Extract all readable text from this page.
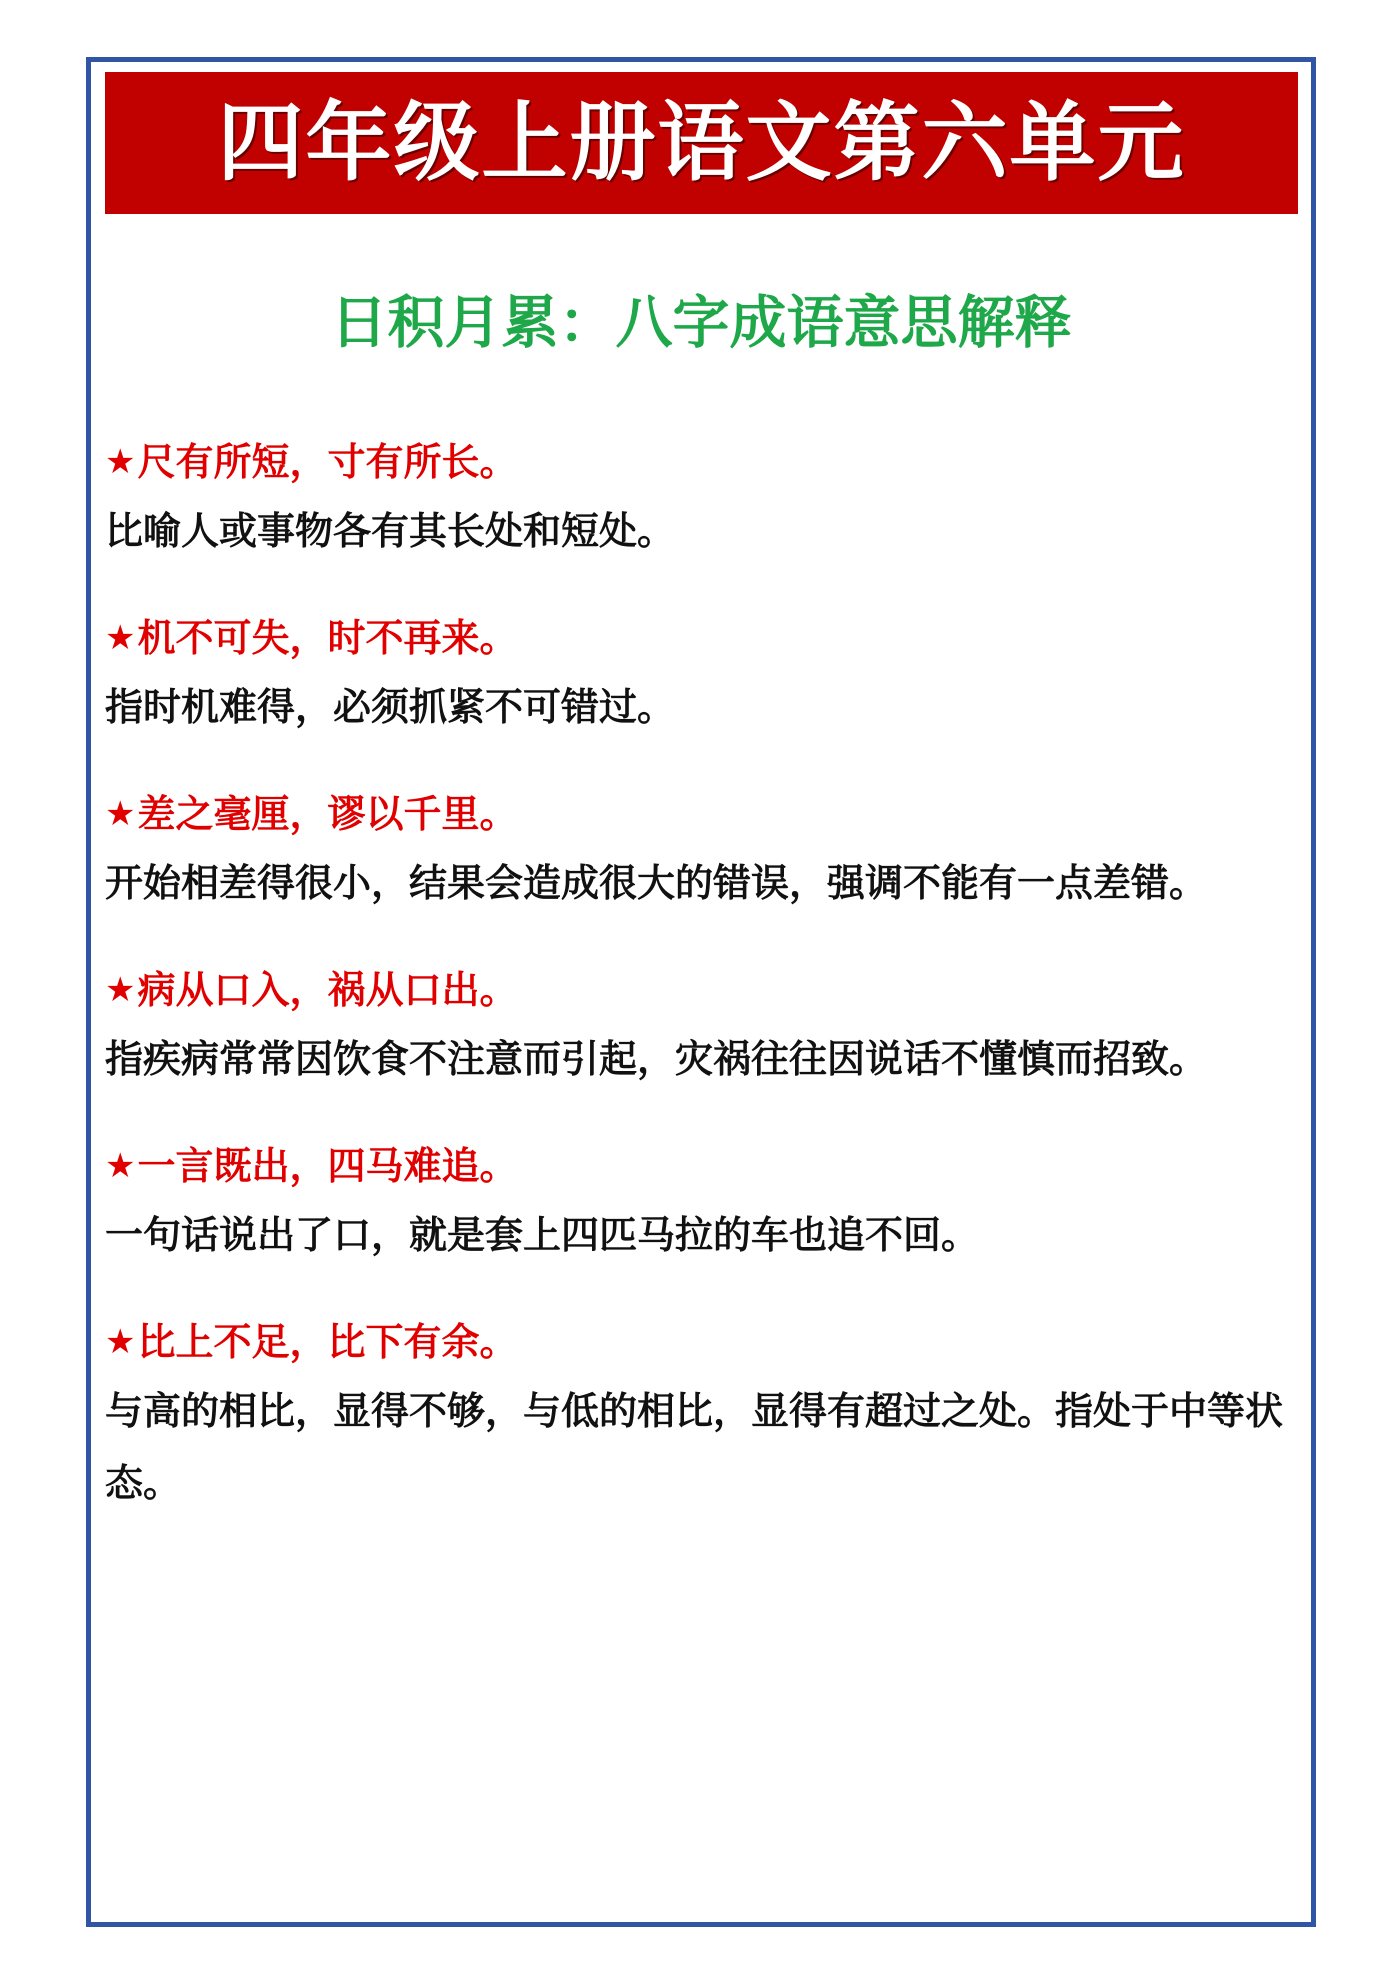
四年级上册语文第六单元
日积月累：八字成语意思解释
★ 尺有所短，寸有所长。
比喻人或事物各有其长处和短处。
★ 机不可失，时不再来。
指时机难得，必须抓紧不可错过。
★ 差之毫厘，谬以千里。
开始相差得很小，结果会造成很大的错误，强调不能有一点差错。
★ 病从口入，祸从口出。
指疾病常常因饮食不注意而引起，灾祸往往因说话不懂慎而招致。
★ 一言既出，四马难追。
一句话说出了口，就是套上四匹马拉的车也追不回。
★ 比上不足，比下有余。
与高的相比，显得不够，与低的相比，显得有超过之处。指处于中等状态。
